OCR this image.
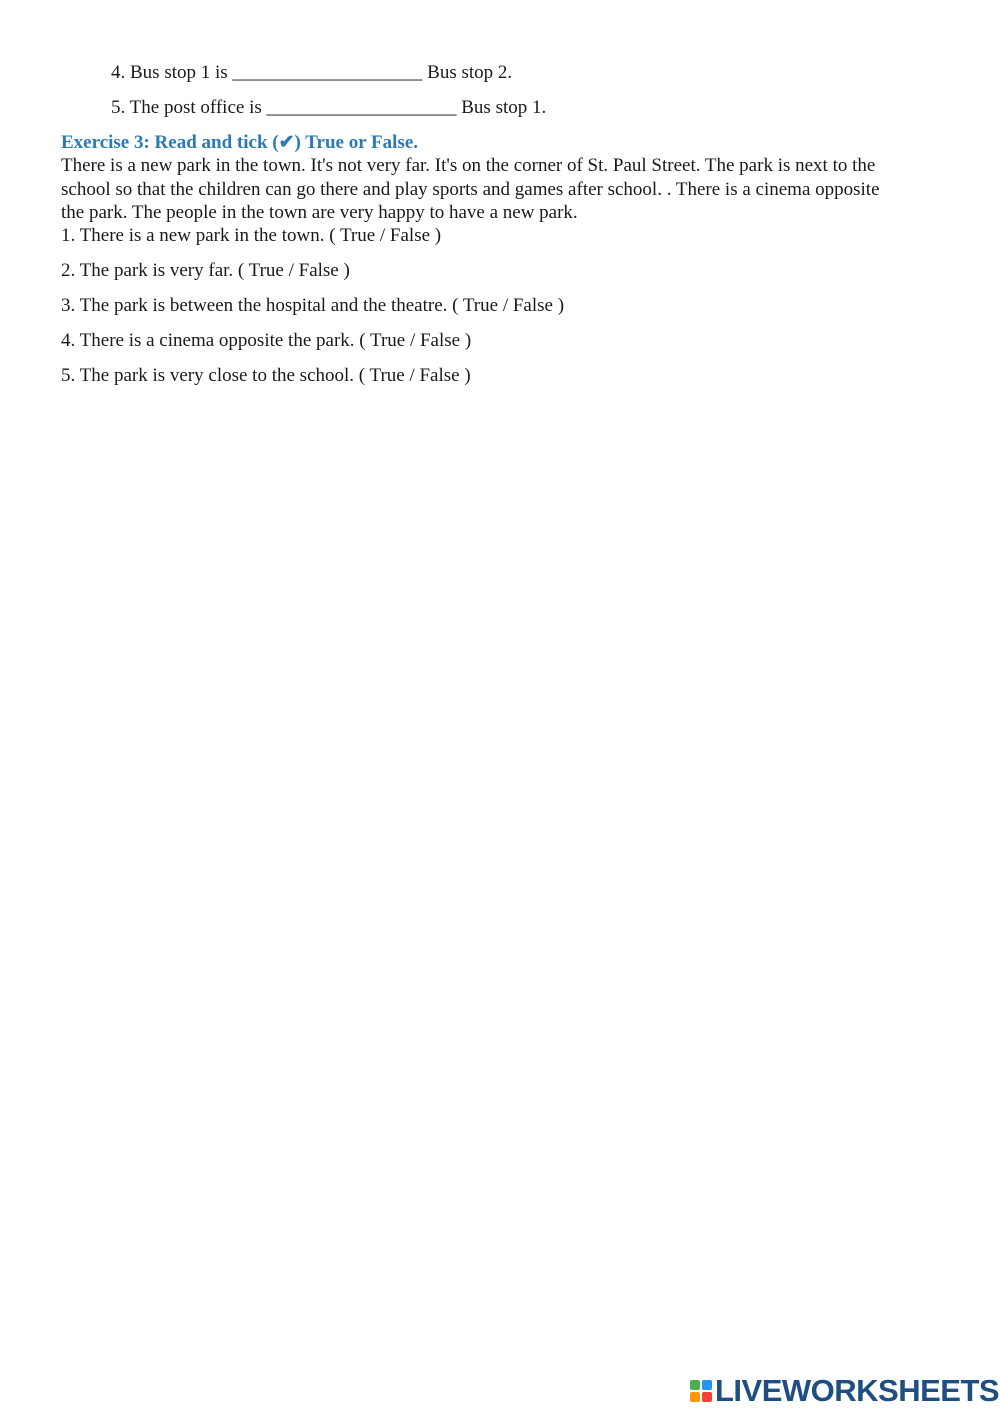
4. Bus stop 1 is ____________________ Bus stop 2.
5. The post office is ____________________ Bus stop 1.
Exercise 3: Read and tick (✔) True or False.
There is a new park in the town. It's not very far. It's on the corner of St. Paul Street. The park is next to the
school so that the children can go there and play sports and games after school. . There is a cinema opposite
the park. The people in the town are very happy to have a new park.
1. There is a new park in the town. ( True / False )
2. The park is very far. ( True / False )
3. The park is between the hospital and the theatre. ( True / False )
4. There is a cinema opposite the park. ( True / False )
5. The park is very close to the school. ( True / False )
LIVEWORKSHEETS
